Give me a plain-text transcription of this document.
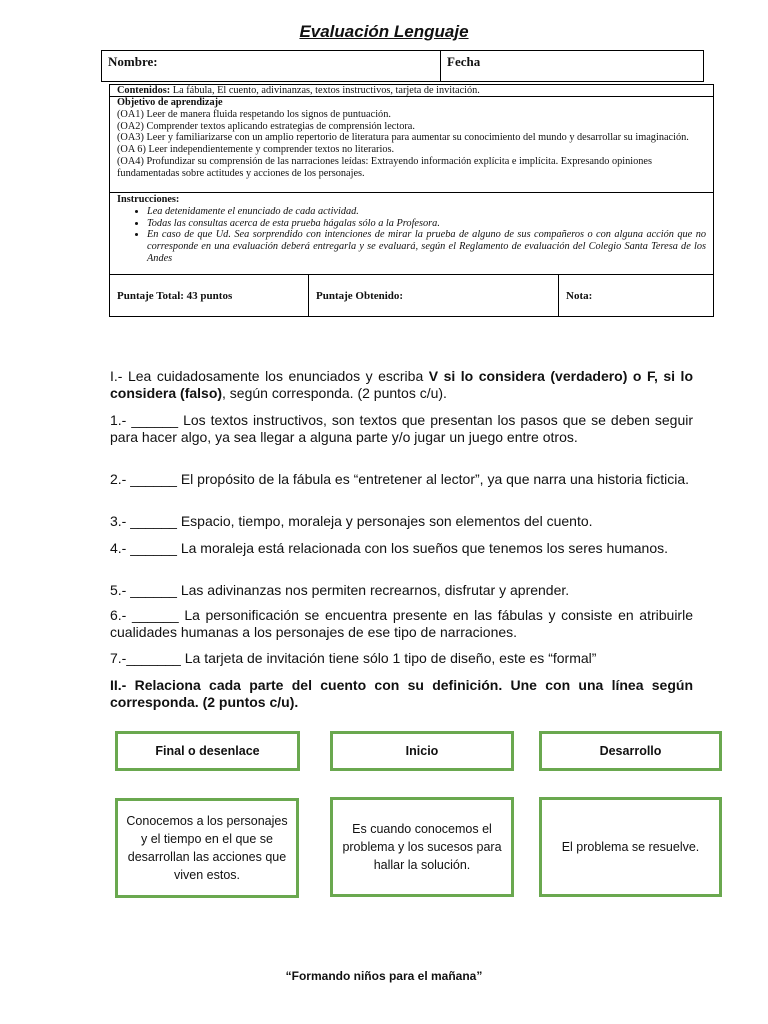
Evaluación Lenguaje
Nombre:	Fecha
Contenidos: La fábula, El cuento, adivinanzas, textos instructivos, tarjeta de invitación.
Objetivo de aprendizaje
(OA1) Leer de manera fluida respetando los signos de puntuación.
(OA2) Comprender textos aplicando estrategias de comprensión lectora.
(OA3) Leer y familiarizarse con un amplio repertorio de literatura para aumentar su conocimiento del mundo y desarrollar su imaginación.
(OA 6) Leer independientemente y comprender textos no literarios.
(OA4) Profundizar su comprensión de las narraciones leídas: Extrayendo información explícita e implícita. Expresando opiniones fundamentadas sobre actitudes y acciones de los personajes.
Instrucciones:
• Lea detenidamente el enunciado de cada actividad.
• Todas las consultas acerca de esta prueba hágalas sólo a la Profesora.
• En caso de que Ud. Sea sorprendido con intenciones de mirar la prueba de alguno de sus compañeros o con alguna acción que no corresponde en una evaluación deberá entregarla y se evaluará, según el Reglamento de evaluación del Colegio Santa Teresa de los Andes
Puntaje Total: 43 puntos	Puntaje Obtenido:	Nota:
I.- Lea cuidadosamente los enunciados y escriba V si lo considera (verdadero) o F, si lo considera (falso), según corresponda. (2 puntos c/u).
1.- ______ Los textos instructivos, son textos que presentan los pasos que se deben seguir para hacer algo, ya sea llegar a alguna parte y/o jugar un juego entre otros.
2.- ______ El propósito de la fábula es “entretener al lector”, ya que narra una historia ficticia.
3.- ______ Espacio, tiempo, moraleja y personajes son elementos del cuento.
4.- ______ La moraleja está relacionada con los sueños que tenemos los seres humanos.
5.- ______ Las adivinanzas nos permiten recrearnos, disfrutar y aprender.
6.- ______ La personificación se encuentra presente en las fábulas y consiste en atribuirle cualidades humanas a los personajes de ese tipo de narraciones.
7.-_______ La tarjeta de invitación tiene sólo 1 tipo de diseño, este es “formal”
II.- Relaciona cada parte del cuento con su definición. Une con una línea según corresponda. (2 puntos c/u).
Final o desenlace	Inicio	Desarrollo
Conocemos a los personajes y el tiempo en el que se desarrollan las acciones que viven estos.
Es cuando conocemos el problema y los sucesos para hallar la solución.
El problema se resuelve.
“Formando niños para el mañana”
